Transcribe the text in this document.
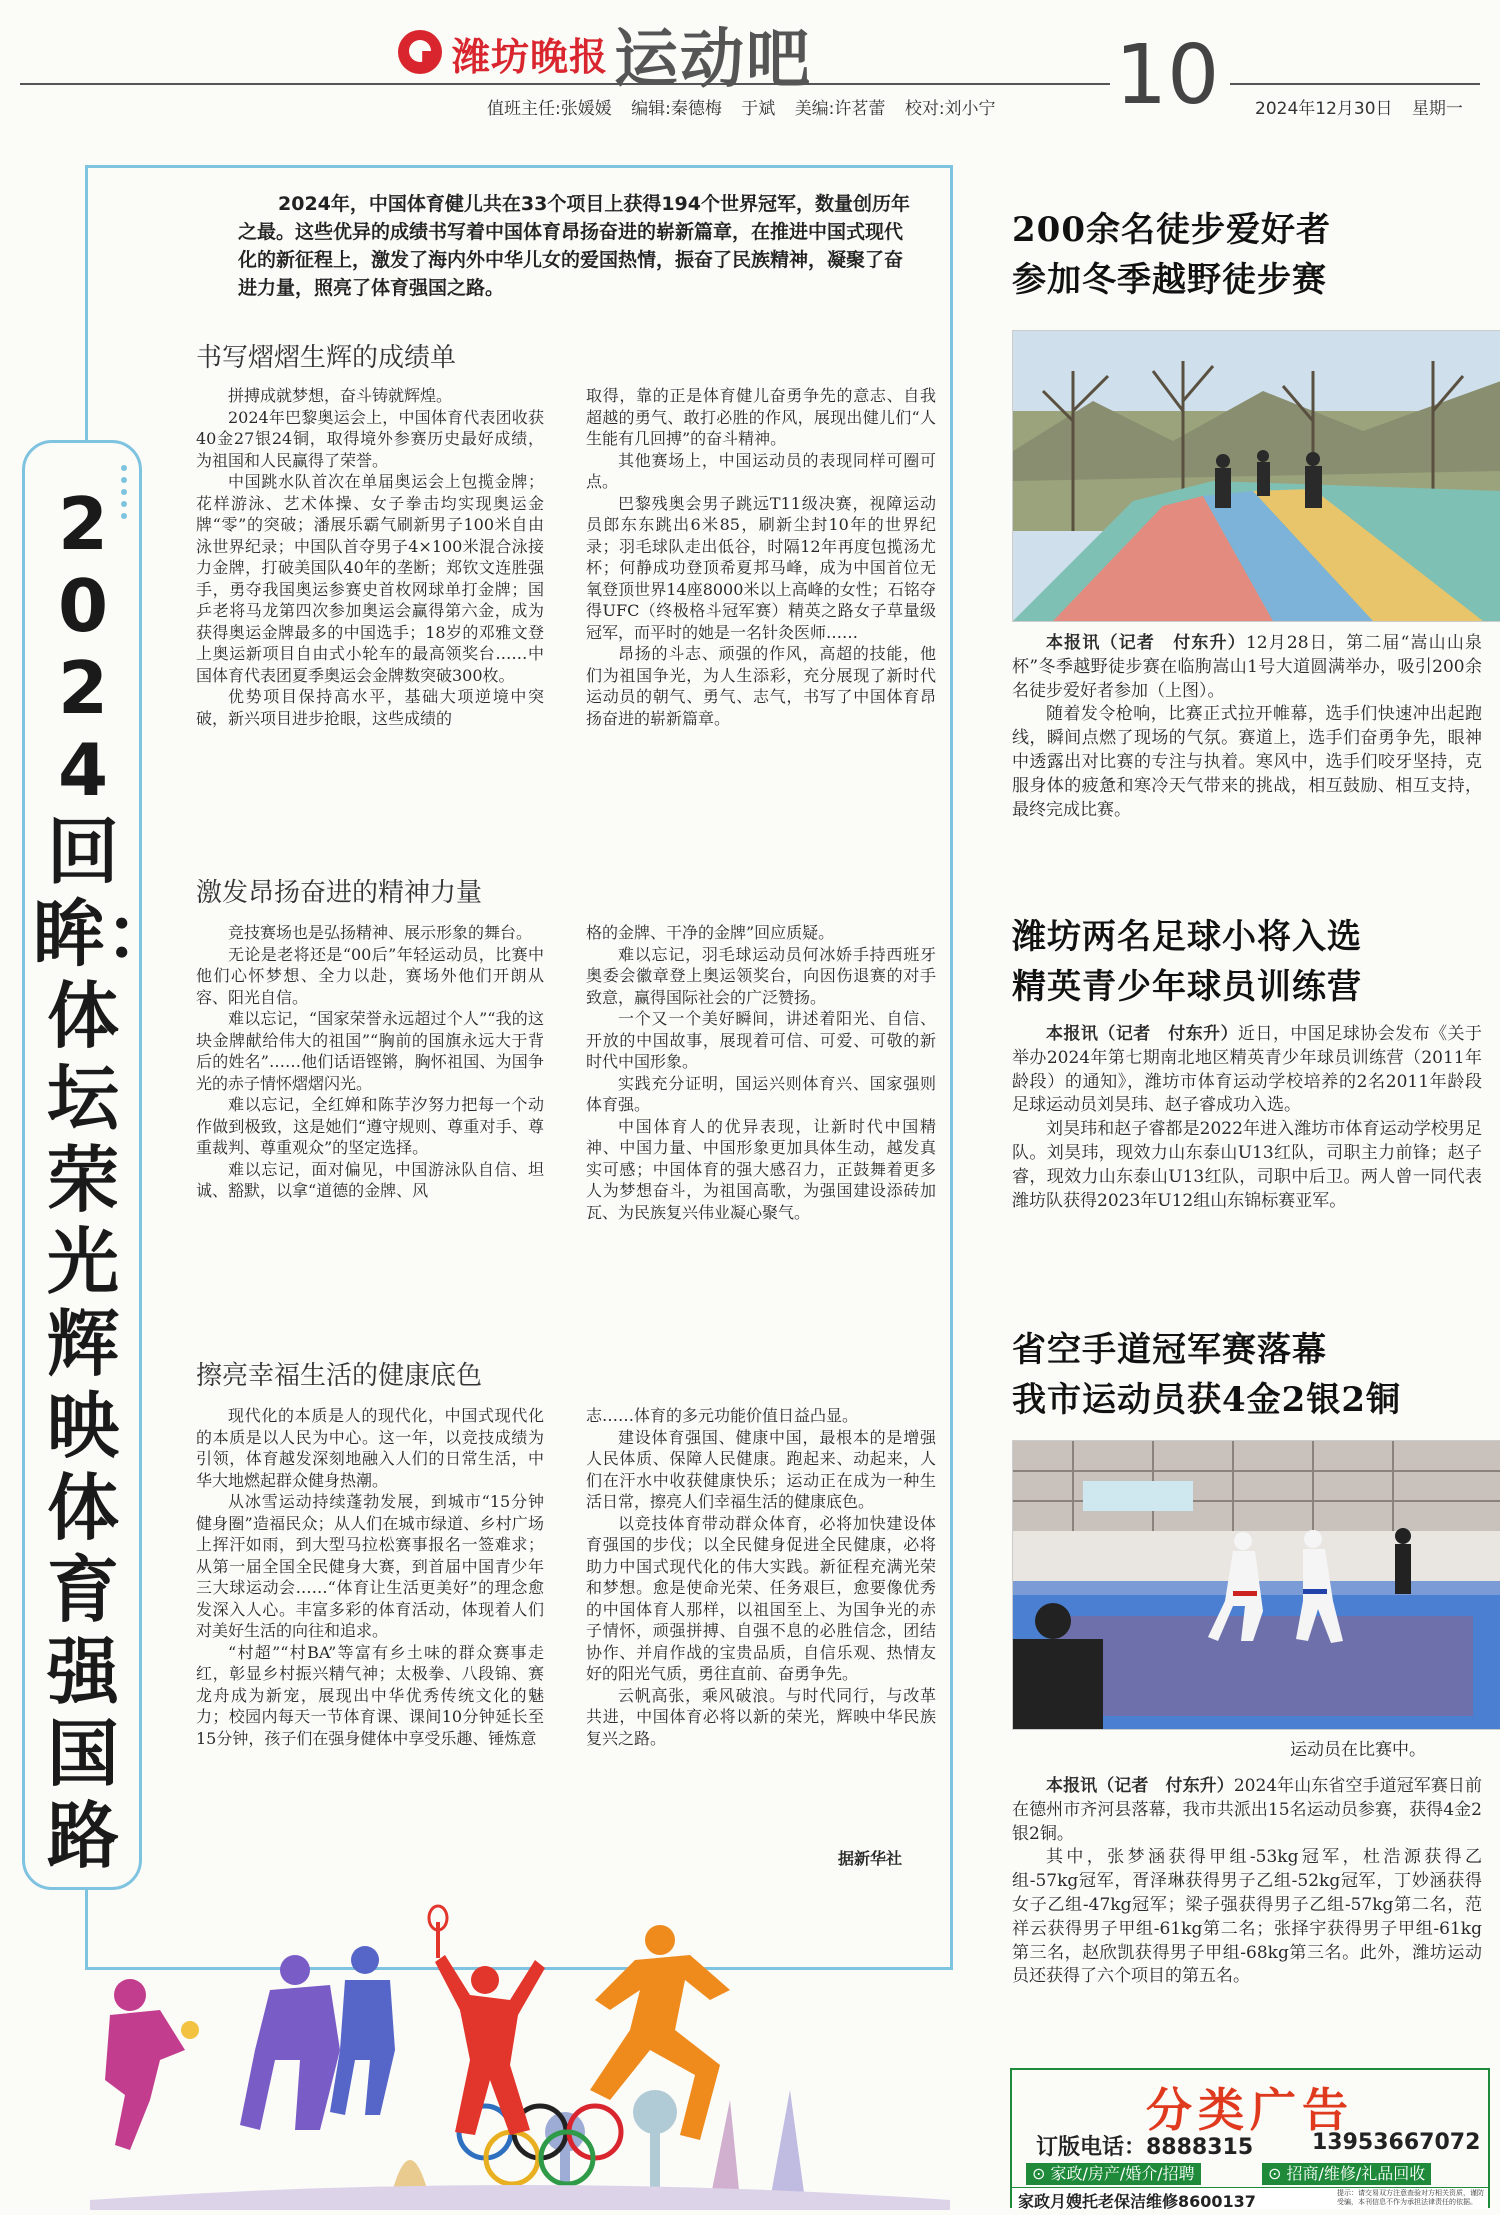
潍坊晚报 运动吧	10
值班主任:张媛媛 编辑:秦德梅 于斌 美编:许茗蕾 校对:刘小宁	2024年12月30日 星期一
2024回眸：体坛荣光辉映体育强国路
2024年，中国体育健儿共在33个项目上获得194个世界冠军，数量创历年之最。这些优异的成绩书写着中国体育昂扬奋进的崭新篇章，在推进中国式现代化的新征程上，激发了海内外中华儿女的爱国热情，振奋了民族精神，凝聚了奋进力量，照亮了体育强国之路。
书写熠熠生辉的成绩单

拼搏成就梦想，奋斗铸就辉煌。

2024年巴黎奥运会上，中国体育代表团收获40金27银24铜，取得境外参赛历史最好成绩，为祖国和人民赢得了荣誉。

中国跳水队首次在单届奥运会上包揽金牌；花样游泳、艺术体操、女子拳击均实现奥运金牌“零”的突破；潘展乐霸气刷新男子100米自由泳世界纪录；中国队首夺男子4×100米混合泳接力金牌，打破美国队40年的垄断；郑钦文连胜强手，勇夺我国奥运参赛史首枚网球单打金牌；国乒老将马龙第四次参加奥运会赢得第六金，成为获得奥运金牌最多的中国选手；18岁的邓雅文登上奥运新项目自由式小轮车的最高领奖台……中国体育代表团夏季奥运会金牌数突破300枚。

优势项目保持高水平，基础大项逆境中突破，新兴项目进步抢眼，这些成绩的

取得，靠的正是体育健儿奋勇争先的意志、自我超越的勇气、敢打必胜的作风，展现出健儿们“人生能有几回搏”的奋斗精神。

其他赛场上，中国运动员的表现同样可圈可点。

巴黎残奥会男子跳远T11级决赛，视障运动员郎东东跳出6米85，刷新尘封10年的世界纪录；羽毛球队走出低谷，时隔12年再度包揽汤尤杯；何静成功登顶希夏邦马峰，成为中国首位无氧登顶世界14座8000米以上高峰的女性；石铭夺得UFC（终极格斗冠军赛）精英之路女子草量级冠军，而平时的她是一名针灸医师……

昂扬的斗志、顽强的作风，高超的技能，他们为祖国争光，为人生添彩，充分展现了新时代运动员的朝气、勇气、志气，书写了中国体育昂扬奋进的崭新篇章。

激发昂扬奋进的精神力量

竞技赛场也是弘扬精神、展示形象的舞台。

无论是老将还是“00后”年轻运动员，比赛中他们心怀梦想、全力以赴，赛场外他们开朗从容、阳光自信。

难以忘记，“国家荣誉永远超过个人”“我的这块金牌献给伟大的祖国”“胸前的国旗永远大于背后的姓名”……他们话语铿锵，胸怀祖国、为国争光的赤子情怀熠熠闪光。

难以忘记，全红婵和陈芋汐努力把每一个动作做到极致，这是她们“遵守规则、尊重对手、尊重裁判、尊重观众”的坚定选择。

难以忘记，面对偏见，中国游泳队自信、坦诚、豁默，以拿“道德的金牌、风

格的金牌、干净的金牌”回应质疑。

难以忘记，羽毛球运动员何冰娇手持西班牙奥委会徽章登上奥运领奖台，向因伤退赛的对手致意，赢得国际社会的广泛赞扬。

一个又一个美好瞬间，讲述着阳光、自信、开放的中国故事，展现着可信、可爱、可敬的新时代中国形象。

实践充分证明，国运兴则体育兴、国家强则体育强。

中国体育人的优异表现，让新时代中国精神、中国力量、中国形象更加具体生动，越发真实可感；中国体育的强大感召力，正鼓舞着更多人为梦想奋斗，为祖国高歌，为强国建设添砖加瓦、为民族复兴伟业凝心聚气。

擦亮幸福生活的健康底色

现代化的本质是人的现代化，中国式现代化的本质是以人民为中心。这一年，以竞技成绩为引领，体育越发深刻地融入人们的日常生活，中华大地燃起群众健身热潮。

从冰雪运动持续蓬勃发展，到城市“15分钟健身圈”造福民众；从人们在城市绿道、乡村广场上挥汗如雨，到大型马拉松赛事报名一签难求；从第一届全国全民健身大赛，到首届中国青少年三大球运动会……“体育让生活更美好”的理念愈发深入人心。丰富多彩的体育活动，体现着人们对美好生活的向往和追求。

“村超”“村BA”等富有乡土味的群众赛事走红，彰显乡村振兴精气神；太极拳、八段锦、赛龙舟成为新宠，展现出中华优秀传统文化的魅力；校园内每天一节体育课、课间10分钟延长至15分钟，孩子们在强身健体中享受乐趣、锤炼意

志……体育的多元功能价值日益凸显。

建设体育强国、健康中国，最根本的是增强人民体质、保障人民健康。跑起来、动起来，人们在汗水中收获健康快乐；运动正在成为一种生活日常，擦亮人们幸福生活的健康底色。

以竞技体育带动群众体育，必将加快建设体育强国的步伐；以全民健身促进全民健康，必将助力中国式现代化的伟大实践。新征程充满光荣和梦想。愈是使命光荣、任务艰巨，愈要像优秀的中国体育人那样，以祖国至上、为国争光的赤子情怀，顽强拼搏、自强不息的必胜信念，团结协作、并肩作战的宝贵品质，自信乐观、热情友好的阳光气质，勇往直前、奋勇争先。

云帆高张，乘风破浪。与时代同行，与改革共进，中国体育必将以新的荣光，辉映中华民族复兴之路。

据新华社
200余名徒步爱好者
参加冬季越野徒步赛

本报讯（记者　付东升）12月28日，第二届“嵩山山泉杯”冬季越野徒步赛在临朐嵩山1号大道圆满举办，吸引200余名徒步爱好者参加（上图）。

随着发令枪响，比赛正式拉开帷幕，选手们快速冲出起跑线，瞬间点燃了现场的气氛。赛道上，选手们奋勇争先，眼神中透露出对比赛的专注与执着。寒风中，选手们咬牙坚持，克服身体的疲惫和寒冷天气带来的挑战，相互鼓励、相互支持，最终完成比赛。

潍坊两名足球小将入选
精英青少年球员训练营

本报讯（记者　付东升）近日，中国足球协会发布《关于举办2024年第七期南北地区精英青少年球员训练营（2011年龄段）的通知》，潍坊市体育运动学校培养的2名2011年龄段足球运动员刘昊玮、赵子睿成功入选。

刘昊玮和赵子睿都是2022年进入潍坊市体育运动学校男足队。刘昊玮，现效力山东泰山U13红队，司职主力前锋；赵子睿，现效力山东泰山U13红队，司职中后卫。两人曾一同代表潍坊队获得2023年U12组山东锦标赛亚军。

省空手道冠军赛落幕
我市运动员获4金2银2铜
运动员在比赛中。

本报讯（记者　付东升）2024年山东省空手道冠军赛日前在德州市齐河县落幕，我市共派出15名运动员参赛，获得4金2银2铜。

其中，张梦涵获得甲组-53kg冠军，杜浩源获得乙组-57kg冠军，胥泽琳获得男子乙组-52kg冠军，丁妙涵获得女子乙组-47kg冠军；梁子强获得男子乙组-57kg第二名，范祥云获得男子甲组-61kg第二名；张择宇获得男子甲组-61kg第三名，赵欣凯获得男子甲组-68kg第三名。此外，潍坊运动员还获得了六个项目的第五名。

分类广告
订版电话：8888315	13953667072
⊙ 家政/房产/婚介/招聘	⊙ 招商/维修/礼品回收
家政月嫂托老保洁维修8600137	提示：请交易双方注意查验对方相关资质，谨防受骗，本刊信息不作为承担法律责任的依据。
